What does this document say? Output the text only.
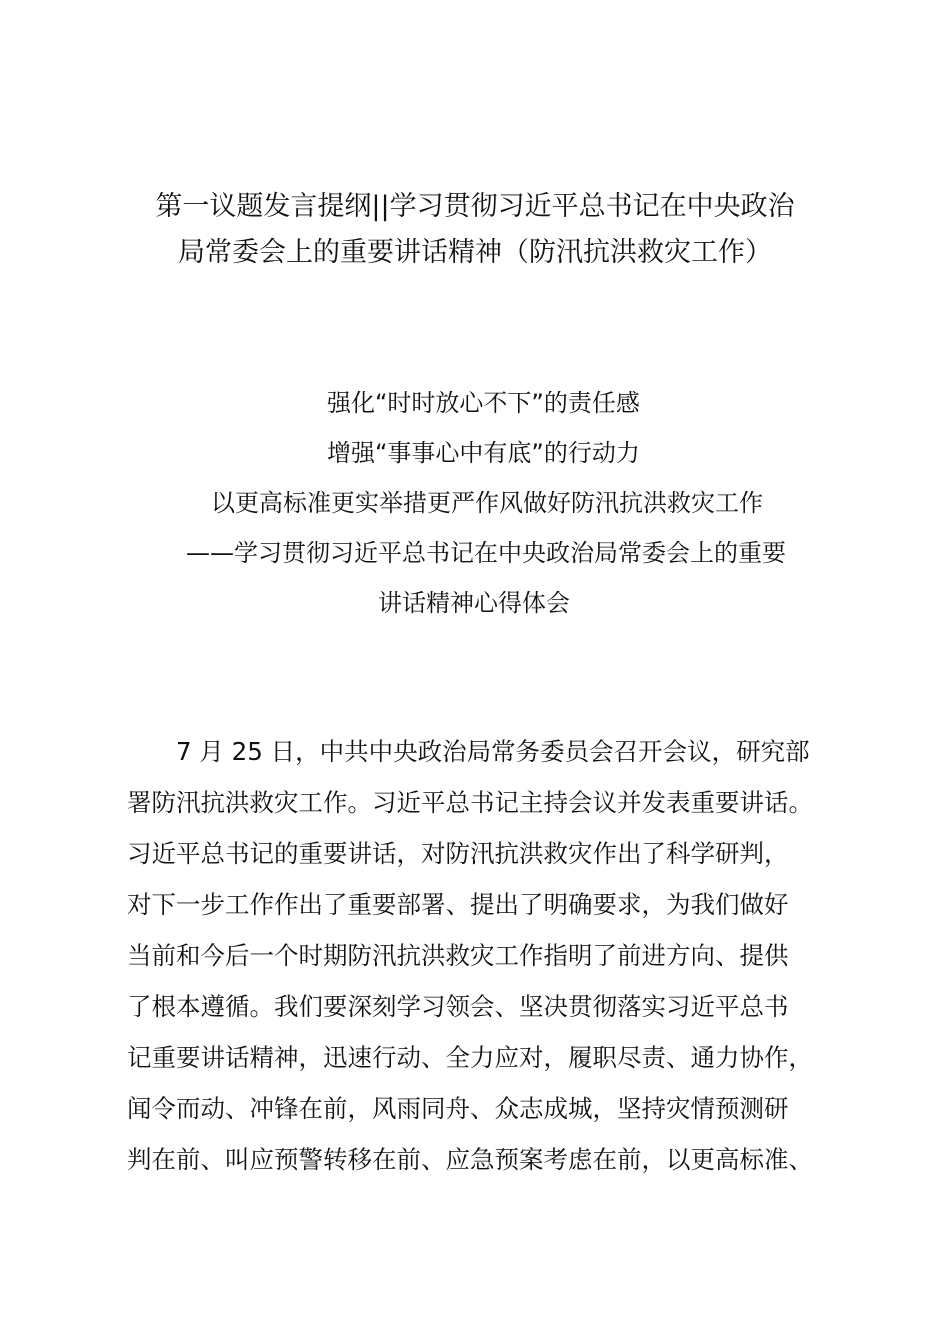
第一议题发言提纲||学习贯彻习近平总书记在中央政治
局常委会上的重要讲话精神（防汛抗洪救灾工作）
强化“时时放心不下”的责任感
增强“事事心中有底”的行动力
以更高标准更实举措更严作风做好防汛抗洪救灾工作
——学习贯彻习近平总书记在中央政治局常委会上的重要
讲话精神心得体会
7 月 25 日，中共中央政治局常务委员会召开会议，研究部
署防汛抗洪救灾工作。习近平总书记主持会议并发表重要讲话。
习近平总书记的重要讲话，对防汛抗洪救灾作出了科学研判，
对下一步工作作出了重要部署、提出了明确要求，为我们做好
当前和今后一个时期防汛抗洪救灾工作指明了前进方向、提供
了根本遵循。我们要深刻学习领会、坚决贯彻落实习近平总书
记重要讲话精神，迅速行动、全力应对，履职尽责、通力协作，
闻令而动、冲锋在前，风雨同舟、众志成城，坚持灾情预测研
判在前、叫应预警转移在前、应急预案考虑在前，以更高标准、
